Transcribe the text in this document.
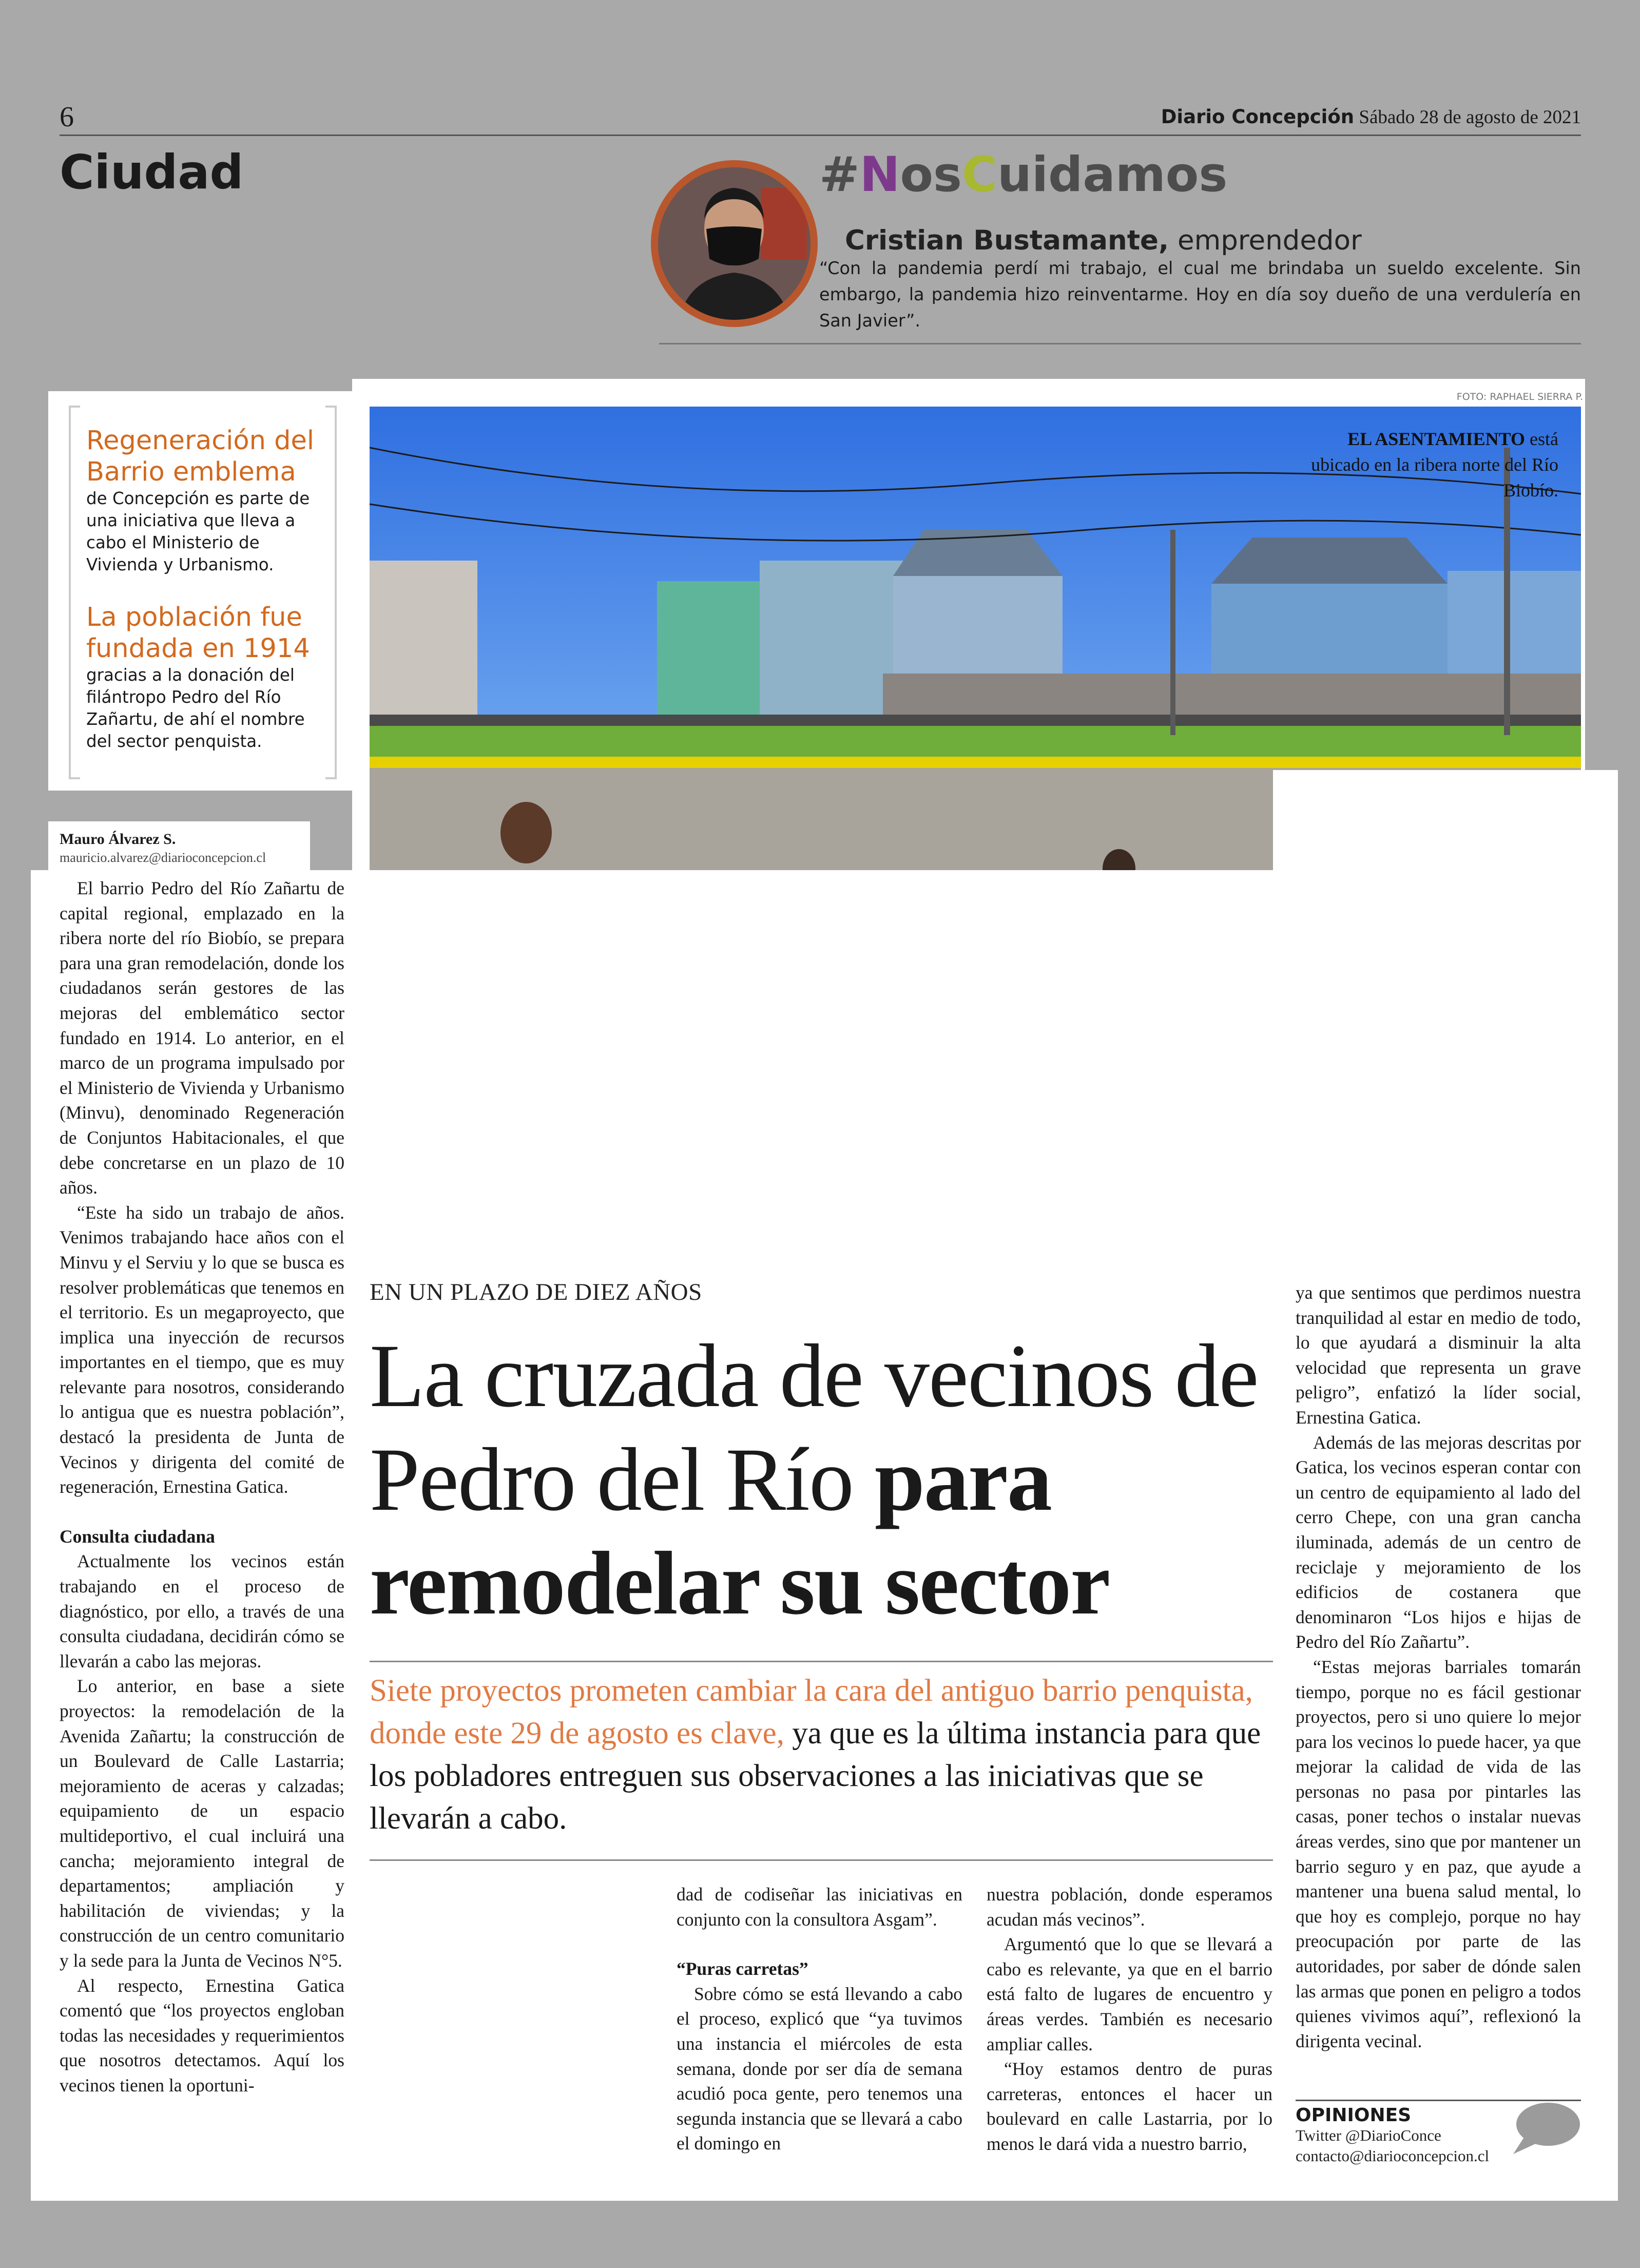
6	Diario Concepción Sábado 28 de agosto de 2021
Ciudad	#NosCuidamos
Cristian Bustamante, emprendedor
“Con la pandemia perdí mi trabajo, el cual me brindaba un sueldo excelente. Sin embargo, la pandemia hizo reinventarme. Hoy en día soy dueño de una verdulería en San Javier”.
Regeneración del Barrio emblema
de Concepción es parte de una iniciativa que lleva a cabo el Ministerio de Vivienda y Urbanismo.
La población fue fundada en 1914
gracias a la donación del filántropo Pedro del Río Zañartu, de ahí el nombre del sector penquista.
FOTO: RAPHAEL SIERRA P.
EL ASENTAMIENTO está ubicado en la ribera norte del Río Biobío.
Mauro Álvarez S.
mauricio.alvarez@diarioconcepcion.cl

El barrio Pedro del Río Zañartu de capital regional, emplazado en la ribera norte del río Biobío, se prepara para una gran remodelación, donde los ciudadanos serán gestores de las mejoras del emblemático sector fundado en 1914. Lo anterior, en el marco de un programa impulsado por el Ministerio de Vivienda y Urbanismo (Minvu), denominado Regeneración de Conjuntos Habitacionales, el que debe concretarse en un plazo de 10 años.

“Este ha sido un trabajo de años. Venimos trabajando hace años con el Minvu y el Serviu y lo que se busca es resolver problemáticas que tenemos en el territorio. Es un megaproyecto, que implica una inyección de recursos importantes en el tiempo, que es muy relevante para nosotros, considerando lo antigua que es nuestra población”, destacó la presidenta de Junta de Vecinos y dirigenta del comité de regeneración, Ernestina Gatica.

Consulta ciudadana

Actualmente los vecinos están trabajando en el proceso de diagnóstico, por ello, a través de una consulta ciudadana, decidirán cómo se llevarán a cabo las mejoras.

Lo anterior, en base a siete proyectos: la remodelación de la Avenida Zañartu; la construcción de un Boulevard de Calle Lastarria; mejoramiento de aceras y calzadas; equipamiento de un espacio multideportivo, el cual incluirá una cancha; mejoramiento integral de departamentos; ampliación y habilitación de viviendas; y la construcción de un centro comunitario y la sede para la Junta de Vecinos N°5.

Al respecto, Ernestina Gatica comentó que “los proyectos engloban todas las necesidades y requerimientos que nosotros detectamos. Aquí los vecinos tienen la oportuni-

EN UN PLAZO DE DIEZ AÑOS
La cruzada de vecinos de Pedro del Río para remodelar su sector
Siete proyectos prometen cambiar la cara del antiguo barrio penquista, donde este 29 de agosto es clave, ya que es la última instancia para que los pobladores entreguen sus observaciones a las iniciativas que se llevarán a cabo.

dad de codiseñar las iniciativas en conjunto con la consultora Asgam”.

“Puras carretas”

Sobre cómo se está llevando a cabo el proceso, explicó que “ya tuvimos una instancia el miércoles de esta semana, donde por ser día de semana acudió poca gente, pero tenemos una segunda instancia que se llevará a cabo el domingo en

nuestra población, donde esperamos acudan más vecinos”.

Argumentó que lo que se llevará a cabo es relevante, ya que en el barrio está falto de lugares de encuentro y áreas verdes. También es necesario ampliar calles.

“Hoy estamos dentro de puras carreteras, entonces el hacer un boulevard en calle Lastarria, por lo menos le dará vida a nuestro barrio,

ya que sentimos que perdimos nuestra tranquilidad al estar en medio de todo, lo que ayudará a disminuir la alta velocidad que representa un grave peligro”, enfatizó la líder social, Ernestina Gatica.

Además de las mejoras descritas por Gatica, los vecinos esperan contar con un centro de equipamiento al lado del cerro Chepe, con una gran cancha iluminada, además de un centro de reciclaje y mejoramiento de los edificios de costanera que denominaron “Los hijos e hijas de Pedro del Río Zañartu”.

“Estas mejoras barriales tomarán tiempo, porque no es fácil gestionar proyectos, pero si uno quiere lo mejor para los vecinos lo puede hacer, ya que mejorar la calidad de vida de las personas no pasa por pintarles las casas, poner techos o instalar nuevas áreas verdes, sino que por mantener un barrio seguro y en paz, que ayude a mantener una buena salud mental, lo que hoy es complejo, porque no hay preocupación por parte de las autoridades, por saber de dónde salen las armas que ponen en peligro a todos quienes vivimos aquí”, reflexionó la dirigenta vecinal.

OPINIONES
Twitter @DiarioConce
contacto@diarioconcepcion.cl
